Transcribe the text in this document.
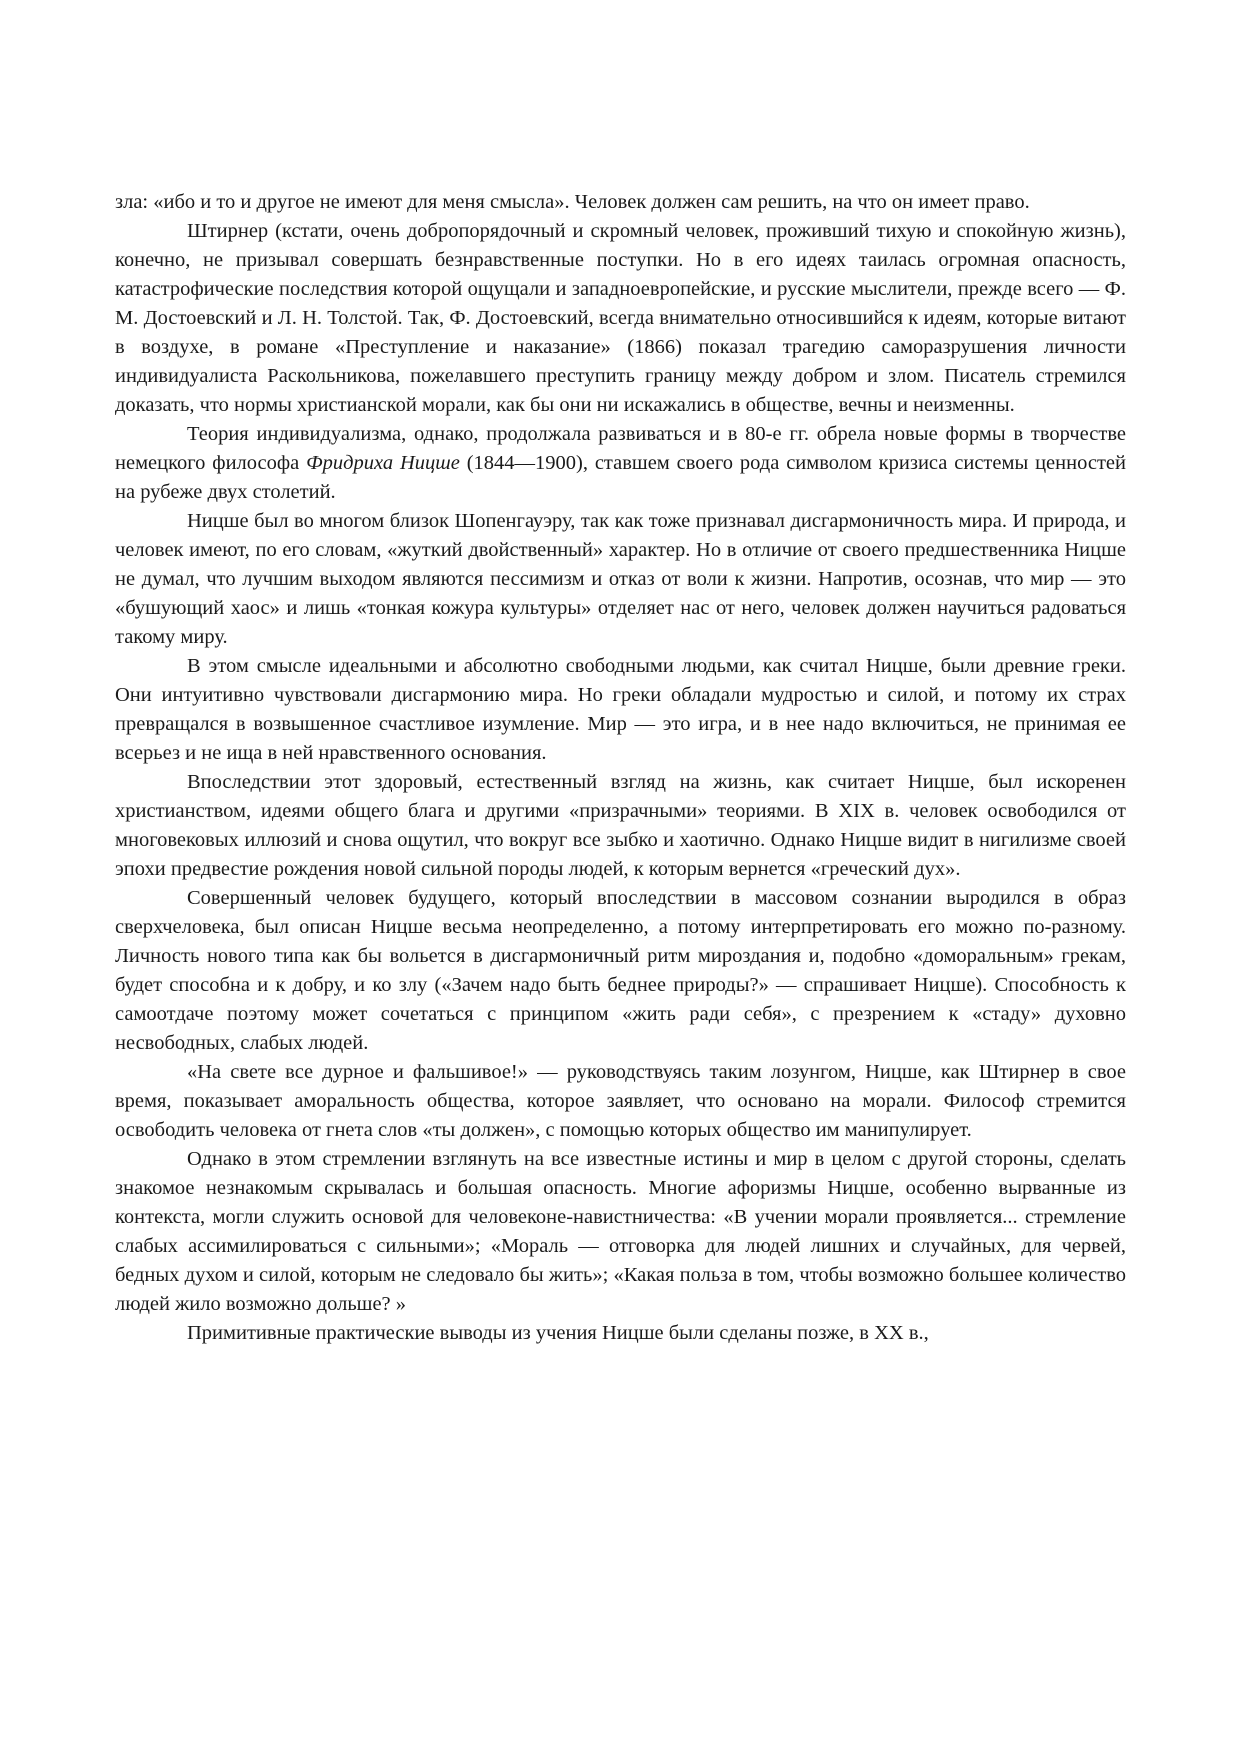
зла: «ибо и то и другое не имеют для меня смысла». Человек должен сам решить, на что он имеет право.

Штирнер (кстати, очень добропорядочный и скромный человек, проживший тихую и спокойную жизнь), конечно, не призывал совершать безнравственные поступки. Но в его идеях таилась огромная опасность, катастрофические последствия которой ощущали и западноевропейские, и русские мыслители, прежде всего — Ф. М. Достоевский и Л. Н. Толстой. Так, Ф. Достоевский, всегда внимательно относившийся к идеям, которые витают в воздухе, в романе «Преступление и наказание» (1866) показал трагедию саморазрушения личности индивидуалиста Раскольникова, пожелавшего преступить границу между добром и злом. Писатель стремился доказать, что нормы христианской морали, как бы они ни искажались в обществе, вечны и неизменны.

Теория индивидуализма, однако, продолжала развиваться и в 80-е гг. обрела новые формы в творчестве немецкого философа Фридриха Ницше (1844—1900), ставшем своего рода символом кризиса системы ценностей на рубеже двух столетий.

Ницше был во многом близок Шопенгауэру, так как тоже признавал дисгармоничность мира. И природа, и человек имеют, по его словам, «жуткий двойственный» характер. Но в отличие от своего предшественника Ницше не думал, что лучшим выходом являются пессимизм и отказ от воли к жизни. Напротив, осознав, что мир — это «бушующий хаос» и лишь «тонкая кожура культуры» отделяет нас от него, человек должен научиться радоваться такому миру.

В этом смысле идеальными и абсолютно свободными людьми, как считал Ницше, были древние греки. Они интуитивно чувствовали дисгармонию мира. Но греки обладали мудростью и силой, и потому их страх превращался в возвышенное счастливое изумление. Мир — это игра, и в нее надо включиться, не принимая ее всерьез и не ища в ней нравственного основания.

Впоследствии этот здоровый, естественный взгляд на жизнь, как считает Ницше, был искоренен христианством, идеями общего блага и другими «призрачными» теориями. В XIX в. человек освободился от многовековых иллюзий и снова ощутил, что вокруг все зыбко и хаотично. Однако Ницше видит в нигилизме своей эпохи предвестие рождения новой сильной породы людей, к которым вернется «греческий дух».

Совершенный человек будущего, который впоследствии в массовом сознании выродился в образ сверхчеловека, был описан Ницше весьма неопределенно, а потому интерпретировать его можно по-разному. Личность нового типа как бы вольется в дисгармоничный ритм мироздания и, подобно «доморальным» грекам, будет способна и к добру, и ко злу («Зачем надо быть беднее природы?» — спрашивает Ницше). Способность к самоотдаче поэтому может сочетаться с принципом «жить ради себя», с презрением к «стаду» духовно несвободных, слабых людей.

«На свете все дурное и фальшивое!» — руководствуясь таким лозунгом, Ницше, как Штирнер в свое время, показывает аморальность общества, которое заявляет, что основано на морали. Философ стремится освободить человека от гнета слов «ты должен», с помощью которых общество им манипулирует.

Однако в этом стремлении взглянуть на все известные истины и мир в целом с другой стороны, сделать знакомое незнакомым скрывалась и большая опасность. Многие афоризмы Ницше, особенно вырванные из контекста, могли служить основой для человеконе-навистничества: «В учении морали проявляется... стремление слабых ассимилироваться с сильными»; «Мораль — отговорка для людей лишних и случайных, для червей, бедных духом и силой, которым не следовало бы жить»; «Какая польза в том, чтобы возможно большее количество людей жило возможно дольше? »

Примитивные практические выводы из учения Ницше были сделаны позже, в XX в.,
